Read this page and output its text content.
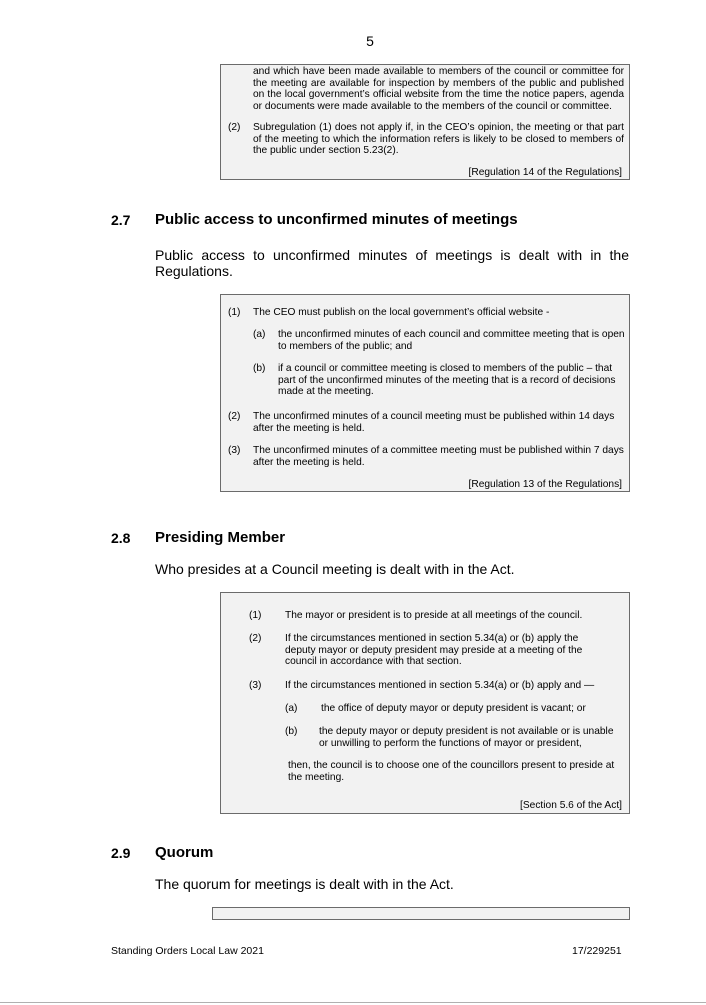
5
and which have been made available to members of the council or committee for the meeting are available for inspection by members of the public and published on the local government’s official website from the time the notice papers, agenda or documents were made available to the members of the council or committee.
(2) Subregulation (1) does not apply if, in the CEO’s opinion, the meeting or that part of the meeting to which the information refers is likely to be closed to members of the public under section 5.23(2).
[Regulation 14 of the Regulations]
2.7 Public access to unconfirmed minutes of meetings
Public access to unconfirmed minutes of meetings is dealt with in the Regulations.
(1) The CEO must publish on the local government’s official website -
(a) the unconfirmed minutes of each council and committee meeting that is open to members of the public; and
(b) if a council or committee meeting is closed to members of the public – that part of the unconfirmed minutes of the meeting that is a record of decisions made at the meeting.
(2) The unconfirmed minutes of a council meeting must be published within 14 days after the meeting is held.
(3) The unconfirmed minutes of a committee meeting must be published within 7 days after the meeting is held.
[Regulation 13 of the Regulations]
2.8 Presiding Member
Who presides at a Council meeting is dealt with in the Act.
(1) The mayor or president is to preside at all meetings of the council.
(2) If the circumstances mentioned in section 5.34(a) or (b) apply the deputy mayor or deputy president may preside at a meeting of the council in accordance with that section.
(3) If the circumstances mentioned in section 5.34(a) or (b) apply and —
(a) the office of deputy mayor or deputy president is vacant; or
(b) the deputy mayor or deputy president is not available or is unable or unwilling to perform the functions of mayor or president,
then, the council is to choose one of the councillors present to preside at the meeting.
[Section 5.6 of the Act]
2.9 Quorum
The quorum for meetings is dealt with in the Act.
Standing Orders Local Law 2021	17/229251
